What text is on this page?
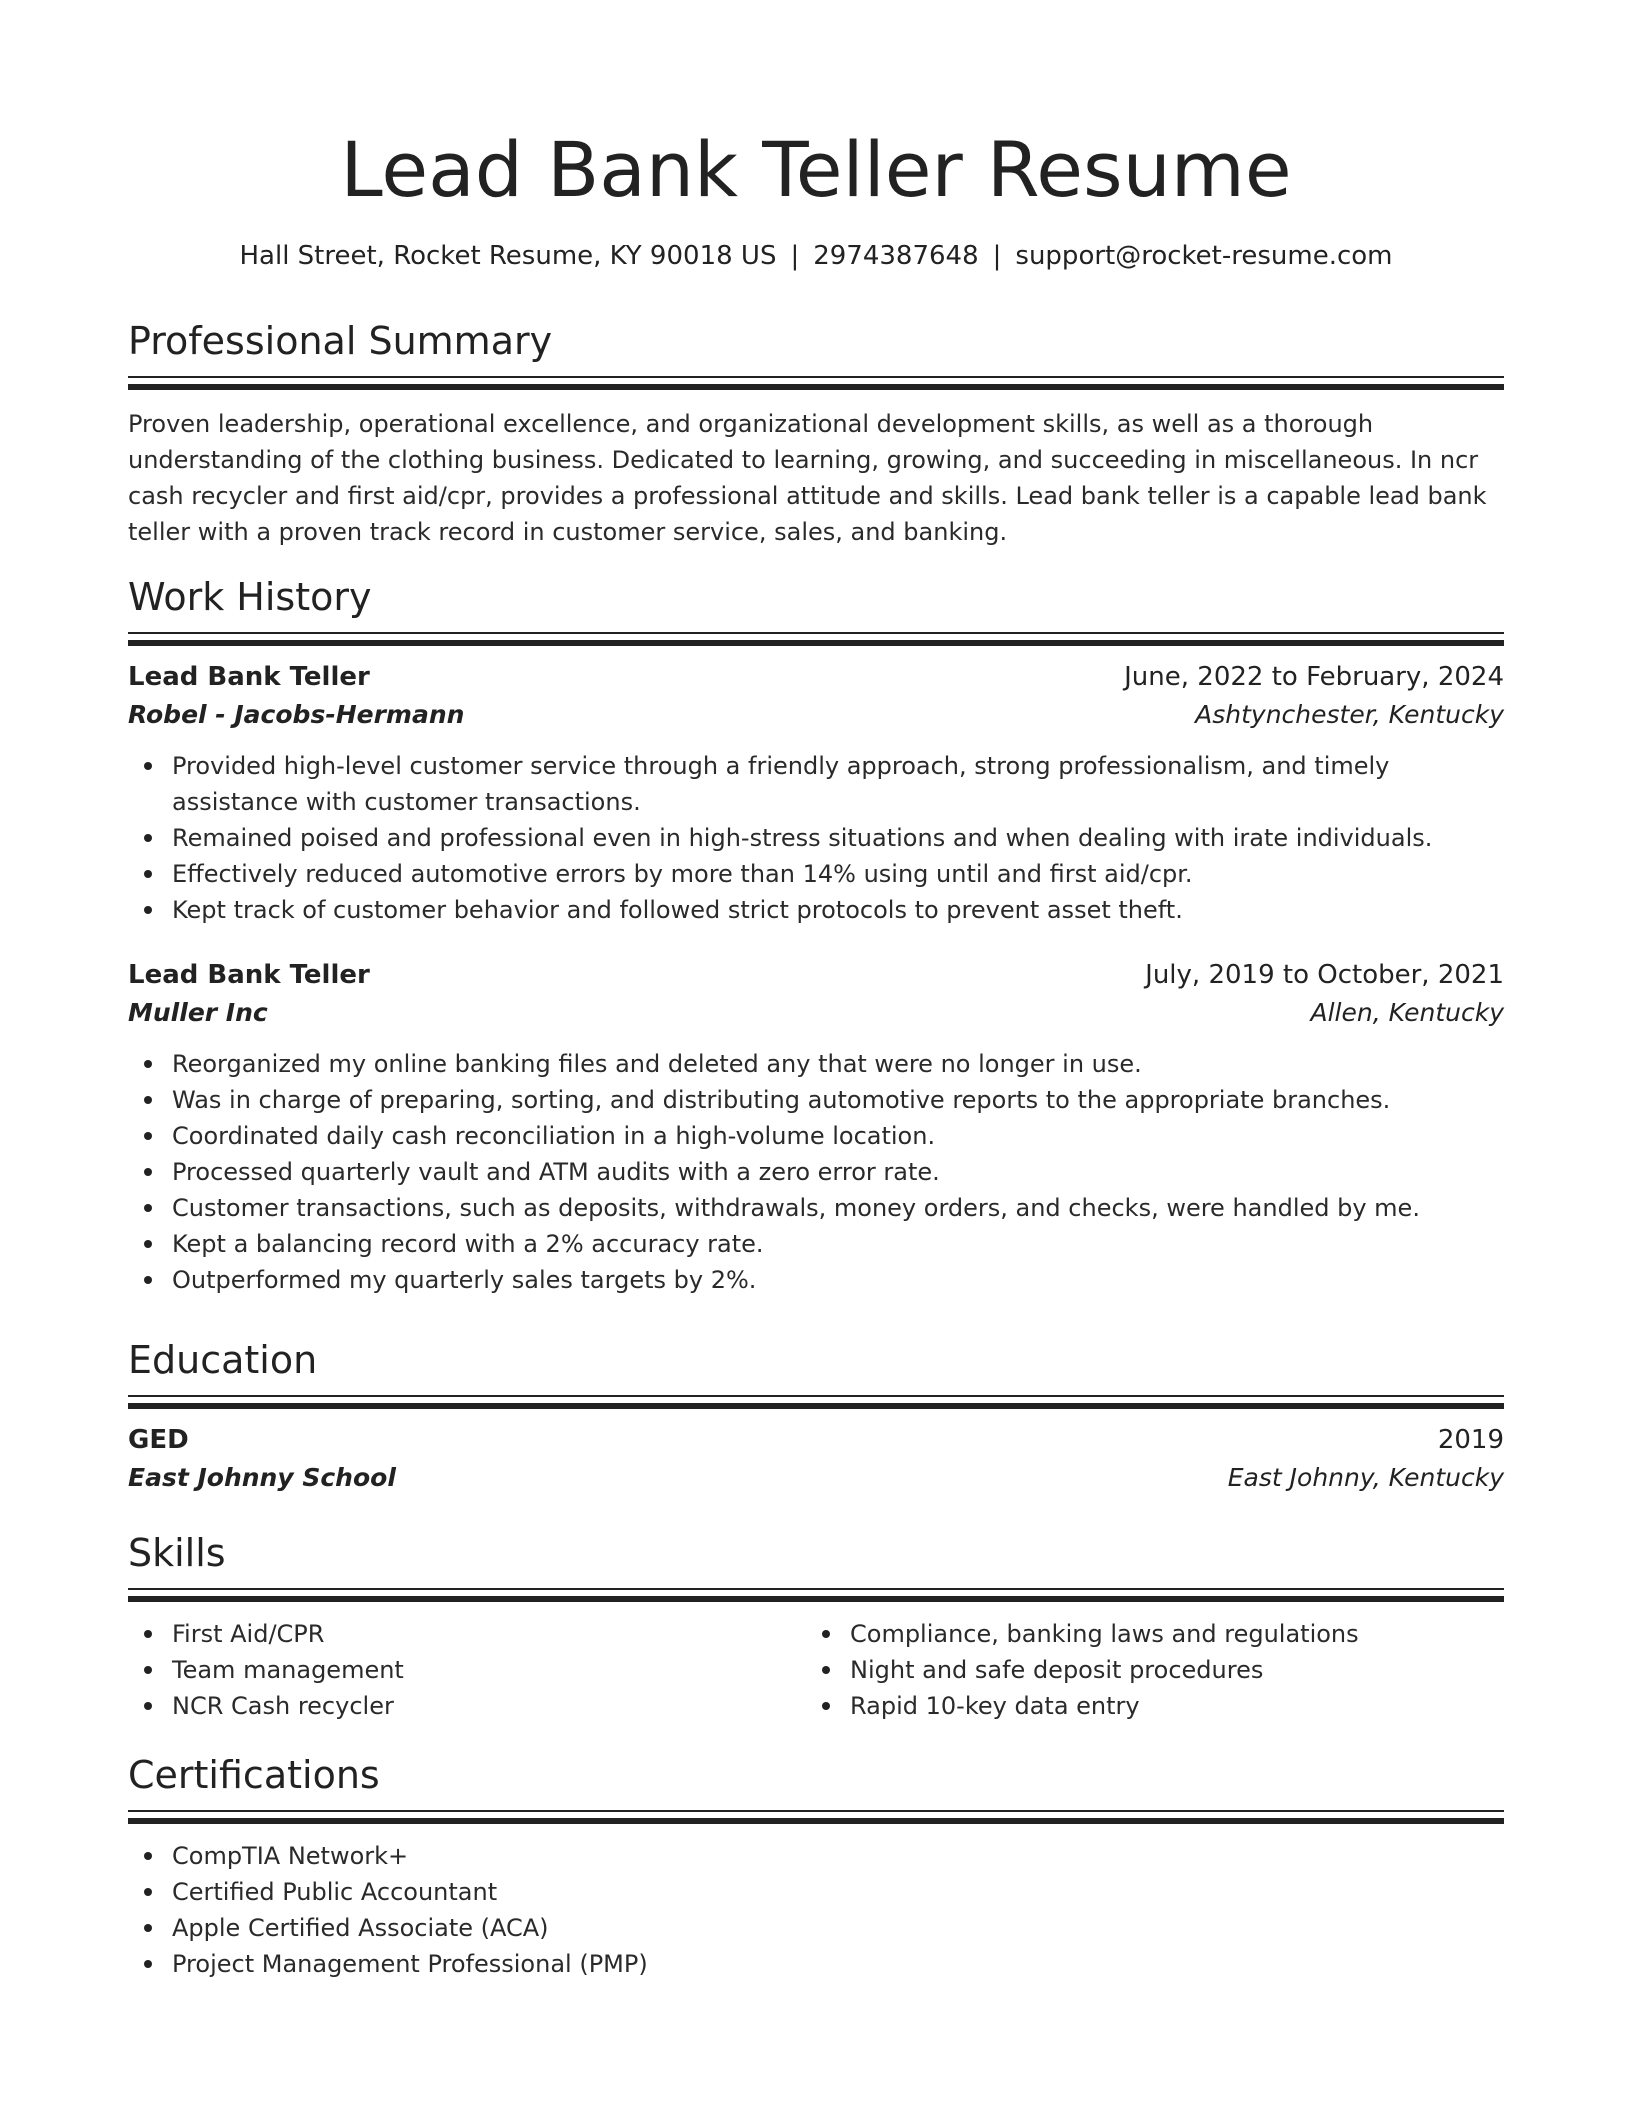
Lead Bank Teller Resume
Hall Street, Rocket Resume, KY 90018 US | 2974387648 | support@rocket-resume.com
Professional Summary

Proven leadership, operational excellence, and organizational development skills, as well as a thorough understanding of the clothing business. Dedicated to learning, growing, and succeeding in miscellaneous. In ncr cash recycler and first aid/cpr, provides a professional attitude and skills. Lead bank teller is a capable lead bank teller with a proven track record in customer service, sales, and banking.

Work History
Lead Bank Teller	June, 2022 to February, 2024
Robel - Jacobs-Hermann	Ashtynchester, Kentucky
Provided high-level customer service through a friendly approach, strong professionalism, and timely assistance with customer transactions.
Remained poised and professional even in high-stress situations and when dealing with irate individuals.
Effectively reduced automotive errors by more than 14% using until and first aid/cpr.
Kept track of customer behavior and followed strict protocols to prevent asset theft.
Lead Bank Teller	July, 2019 to October, 2021
Muller Inc	Allen, Kentucky
Reorganized my online banking files and deleted any that were no longer in use.
Was in charge of preparing, sorting, and distributing automotive reports to the appropriate branches.
Coordinated daily cash reconciliation in a high-volume location.
Processed quarterly vault and ATM audits with a zero error rate.
Customer transactions, such as deposits, withdrawals, money orders, and checks, were handled by me.
Kept a balancing record with a 2% accuracy rate.
Outperformed my quarterly sales targets by 2%.
Education
GED	2019
East Johnny School	East Johnny, Kentucky
Skills
First Aid/CPR
Team management
NCR Cash recycler
Compliance, banking laws and regulations
Night and safe deposit procedures
Rapid 10-key data entry
Certifications
CompTIA Network+
Certified Public Accountant
Apple Certified Associate (ACA)
Project Management Professional (PMP)
